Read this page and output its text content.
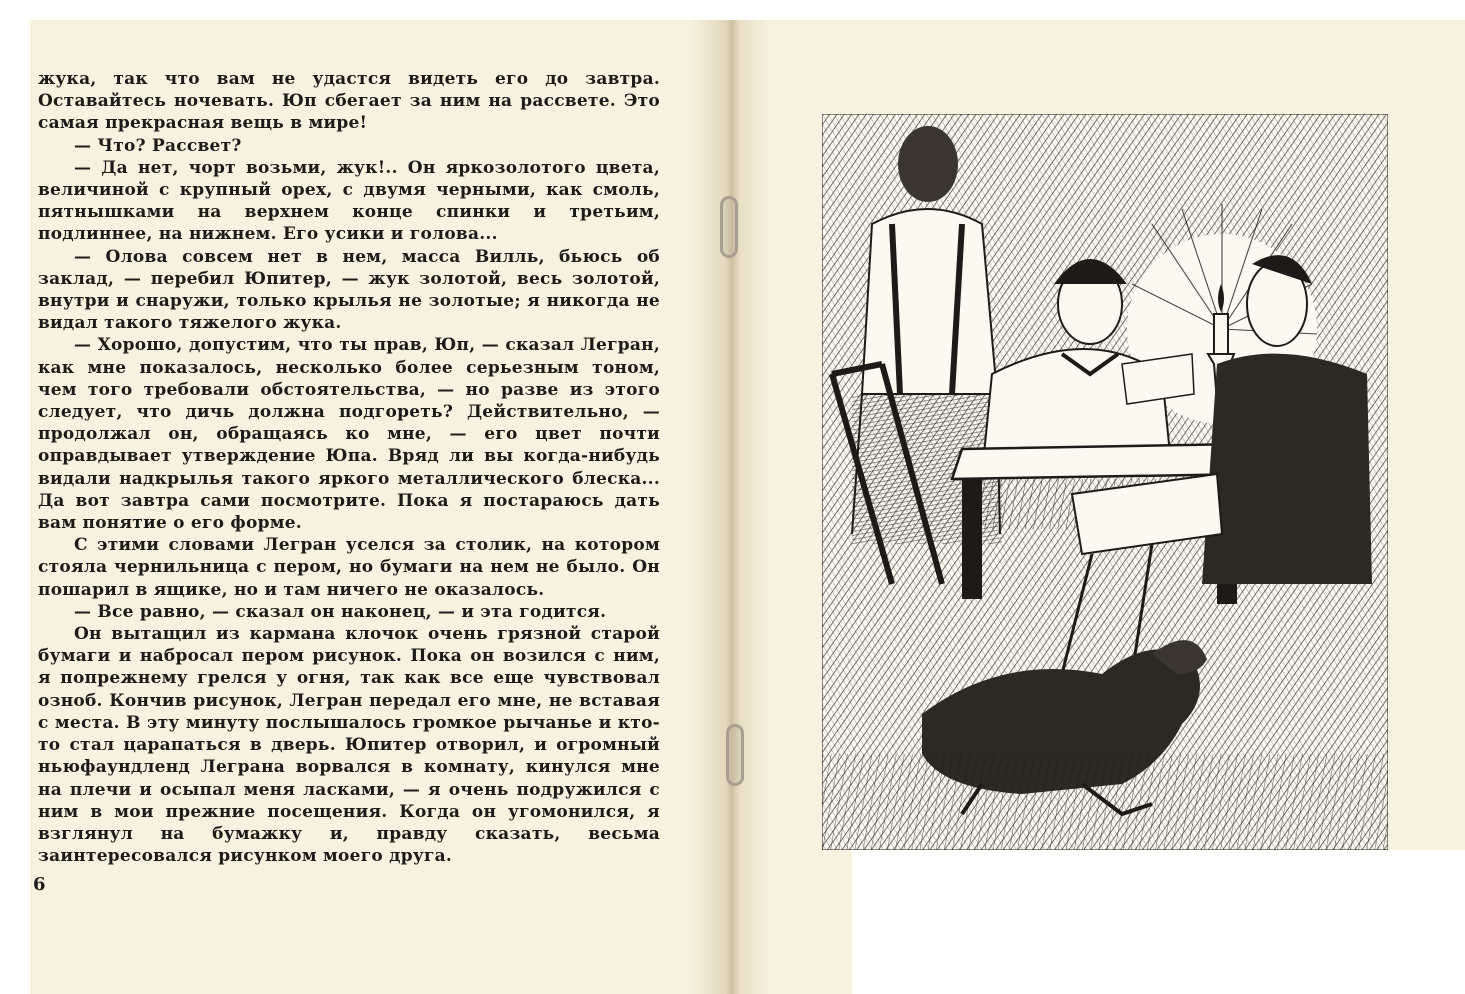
жука, так что вам не удастся видеть его до завтра. Оставайтесь ночевать. Юп сбегает за ним на рассвете. Это самая прекрасная вещь в мире!

— Что? Рассвет?

— Да нет, чорт возьми, жук!.. Он яркозолотого цвета, величиной с крупный орех, с двумя черными, как смоль, пятнышками на верхнем конце спинки и третьим, подлиннее, на нижнем. Его усики и голова...

— Олова совсем нет в нем, масса Вилль, бьюсь об заклад, — перебил Юпитер, — жук золотой, весь золотой, внутри и снаружи, только крылья не золотые; я никогда не видал такого тяжелого жука.

— Хорошо, допустим, что ты прав, Юп, — сказал Легран, как мне показалось, несколько более серьезным тоном, чем того требовали обстоятельства, — но разве из этого следует, что дичь должна подгореть? Действительно, — продолжал он, обращаясь ко мне, — его цвет почти оправдывает утверждение Юпа. Вряд ли вы когда-нибудь видали надкрылья такого яркого металлического блеска... Да вот завтра сами посмотрите. Пока я постараюсь дать вам понятие о его форме.

С этими словами Легран уселся за столик, на котором стояла чернильница с пером, но бумаги на нем не было. Он пошарил в ящике, но и там ничего не оказалось.

— Все равно, — сказал он наконец, — и эта годится.

Он вытащил из кармана клочок очень грязной старой бумаги и набросал пером рисунок. Пока он возился с ним, я попрежнему грелся у огня, так как все еще чувствовал озноб. Кончив рисунок, Легран передал его мне, не вставая с места. В эту минуту послышалось громкое рычанье и кто-то стал царапаться в дверь. Юпитер отворил, и огромный ньюфаундленд Леграна ворвался в комнату, кинулся мне на плечи и осыпал меня ласками, — я очень подружился с ним в мои прежние посещения. Когда он угомонился, я взглянул на бумажку и, правду сказать, весьма заинтересовался рисунком моего друга.

6
